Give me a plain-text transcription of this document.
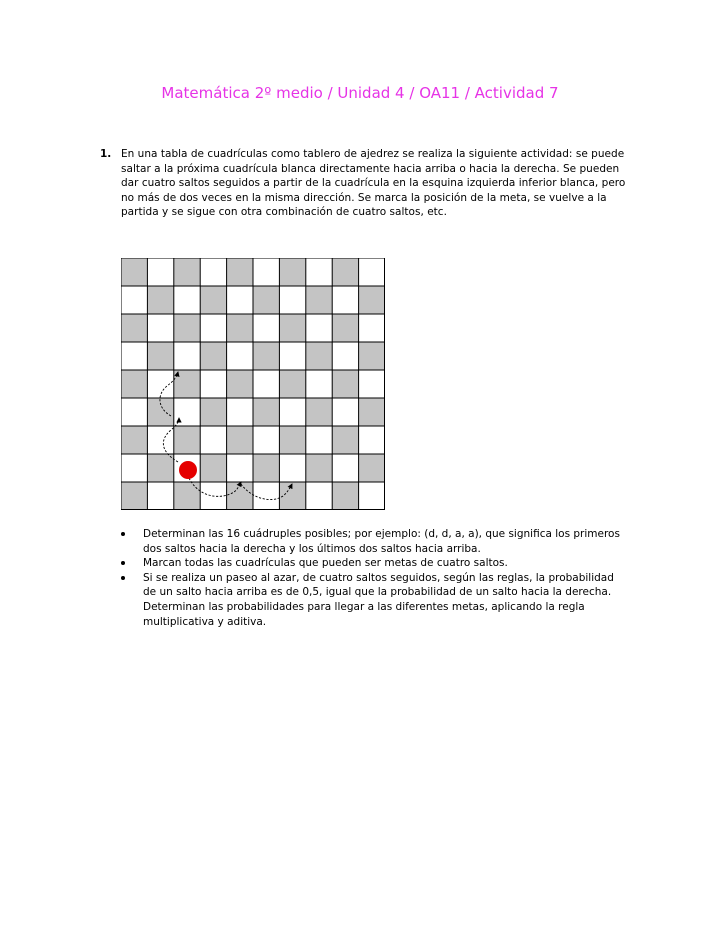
Matemática 2º medio / Unidad 4 / OA11 / Actividad 7
1. En una tabla de cuadrículas como tablero de ajedrez se realiza la siguiente actividad: se puede saltar a la próxima cuadrícula blanca directamente hacia arriba o hacia la derecha. Se pueden dar cuatro saltos seguidos a partir de la cuadrícula en la esquina izquierda inferior blanca, pero no más de dos veces en la misma dirección. Se marca la posición de la meta, se vuelve a la partida y se sigue con otra combinación de cuatro saltos, etc.
Determinan las 16 cuádruples posibles; por ejemplo: (d, d, a, a), que significa los primeros dos saltos hacia la derecha y los últimos dos saltos hacia arriba.
Marcan todas las cuadrículas que pueden ser metas de cuatro saltos.
Si se realiza un paseo al azar, de cuatro saltos seguidos, según las reglas, la probabilidad de un salto hacia arriba es de 0,5, igual que la probabilidad de un salto hacia la derecha. Determinan las probabilidades para llegar a las diferentes metas, aplicando la regla multiplicativa y aditiva.
